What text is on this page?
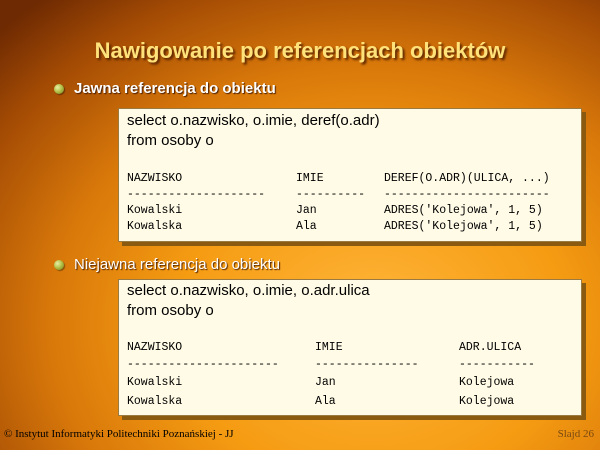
Nawigowanie po referencjach obiektów
Jawna referencja do obiektu
select o.nazwisko, o.imie, deref(o.adr)
from osoby o
NAZWISKO	IMIE	DEREF(O.ADR)(ULICA, ...)
--------------------	---------- ------------------------
Kowalski	Jan	ADRES('Kolejowa', 1, 5)
Kowalska	Ala	ADRES('Kolejowa', 1, 5)
Niejawna referencja do obiektu
select o.nazwisko, o.imie, o.adr.ulica
from osoby o
NAZWISKO	IMIE	ADR.ULICA
----------------------	---------------	-----------
Kowalski	Jan	Kolejowa
Kowalska	Ala	Kolejowa
© Instytut Informatyki Politechniki Poznańskiej - JJ	Slajd 26
